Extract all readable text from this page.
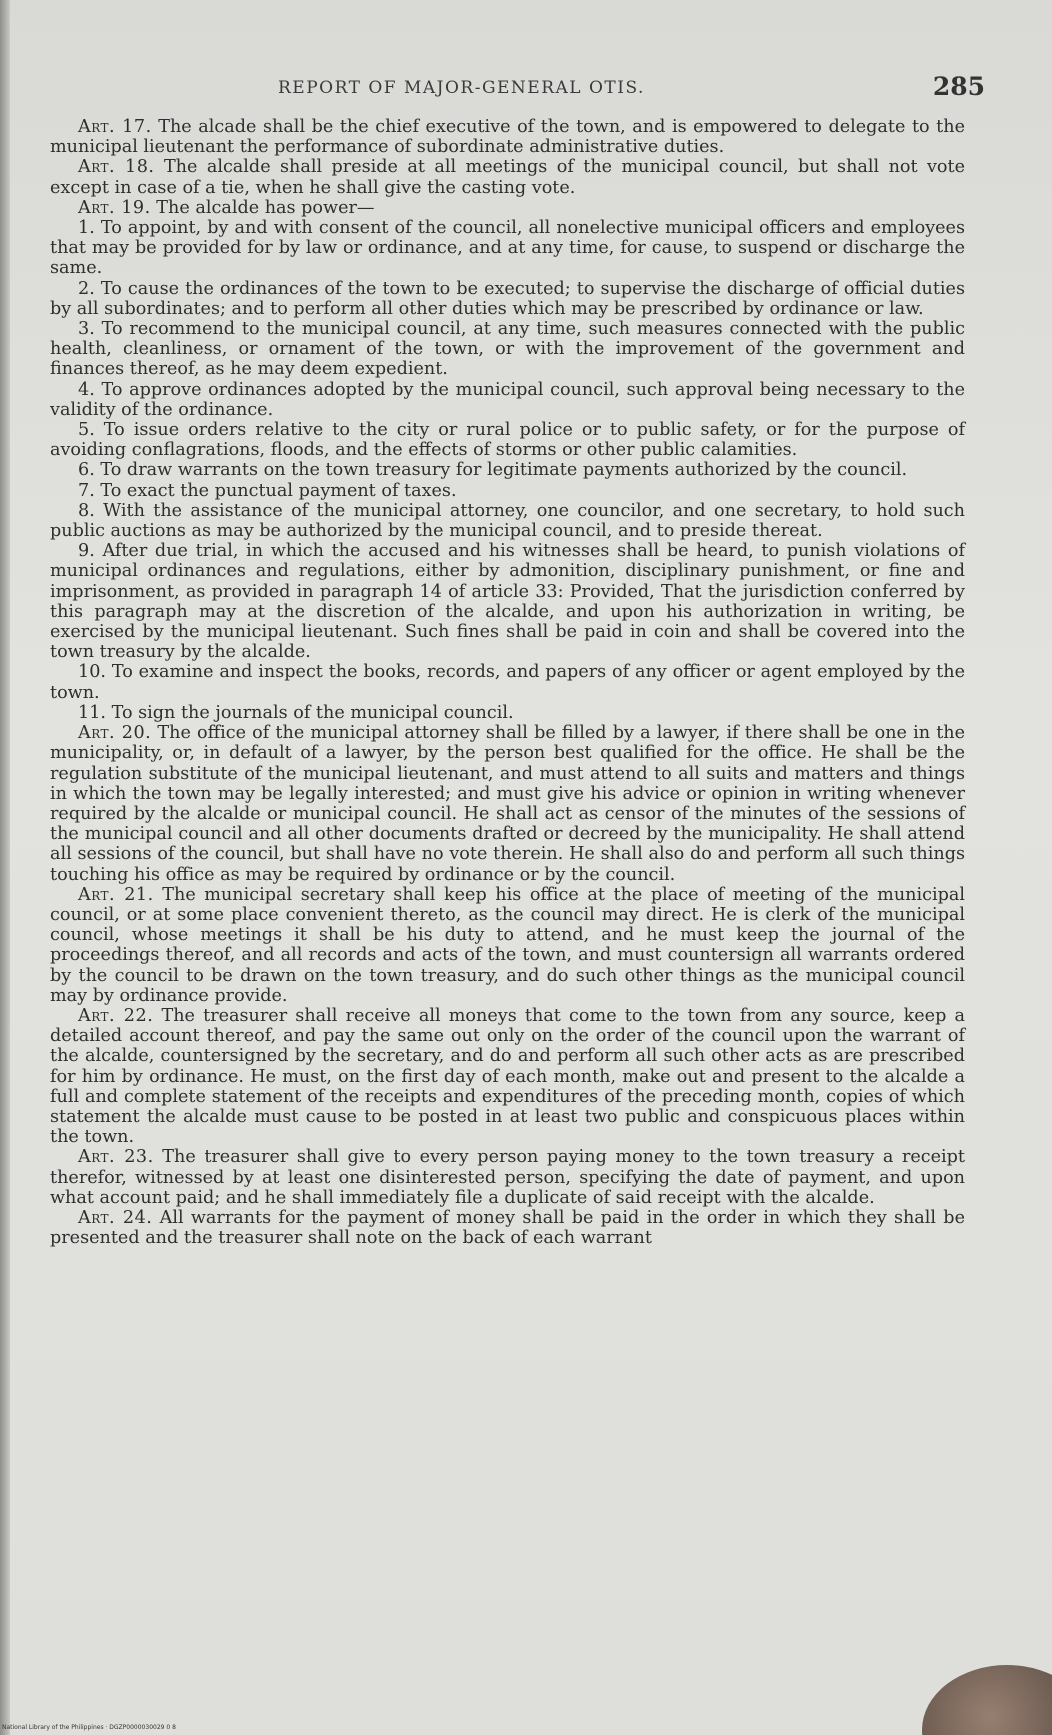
REPORT OF MAJOR-GENERAL OTIS.	285

Art. 17. The alcade shall be the chief executive of the town, and is empowered to delegate to the municipal lieutenant the performance of subordinate administrative duties.

Art. 18. The alcalde shall preside at all meetings of the municipal council, but shall not vote except in case of a tie, when he shall give the casting vote.

Art. 19. The alcalde has power—

1. To appoint, by and with consent of the council, all nonelective municipal officers and employees that may be provided for by law or ordinance, and at any time, for cause, to suspend or discharge the same.

2. To cause the ordinances of the town to be executed; to supervise the discharge of official duties by all subordinates; and to perform all other duties which may be prescribed by ordinance or law.

3. To recommend to the municipal council, at any time, such measures connected with the public health, cleanliness, or ornament of the town, or with the improvement of the government and finances thereof, as he may deem expedient.

4. To approve ordinances adopted by the municipal council, such approval being necessary to the validity of the ordinance.

5. To issue orders relative to the city or rural police or to public safety, or for the purpose of avoiding conflagrations, floods, and the effects of storms or other public calamities.

6. To draw warrants on the town treasury for legitimate payments authorized by the council.

7. To exact the punctual payment of taxes.

8. With the assistance of the municipal attorney, one councilor, and one secretary, to hold such public auctions as may be authorized by the municipal council, and to preside thereat.

9. After due trial, in which the accused and his witnesses shall be heard, to punish violations of municipal ordinances and regulations, either by admonition, disciplinary punishment, or fine and imprisonment, as provided in paragraph 14 of article 33: Provided, That the jurisdiction conferred by this paragraph may at the discretion of the alcalde, and upon his authorization in writing, be exercised by the municipal lieutenant. Such fines shall be paid in coin and shall be covered into the town treasury by the alcalde.

10. To examine and inspect the books, records, and papers of any officer or agent employed by the town.

11. To sign the journals of the municipal council.

Art. 20. The office of the municipal attorney shall be filled by a lawyer, if there shall be one in the municipality, or, in default of a lawyer, by the person best qualified for the office. He shall be the regulation substitute of the municipal lieutenant, and must attend to all suits and matters and things in which the town may be legally interested; and must give his advice or opinion in writing whenever required by the alcalde or municipal council. He shall act as censor of the minutes of the sessions of the municipal council and all other documents drafted or decreed by the municipality. He shall attend all sessions of the council, but shall have no vote therein. He shall also do and perform all such things touching his office as may be required by ordinance or by the council.

Art. 21. The municipal secretary shall keep his office at the place of meeting of the municipal council, or at some place convenient thereto, as the council may direct. He is clerk of the municipal council, whose meetings it shall be his duty to attend, and he must keep the journal of the proceedings thereof, and all records and acts of the town, and must countersign all warrants ordered by the council to be drawn on the town treasury, and do such other things as the municipal council may by ordinance provide.

Art. 22. The treasurer shall receive all moneys that come to the town from any source, keep a detailed account thereof, and pay the same out only on the order of the council upon the warrant of the alcalde, countersigned by the secretary, and do and perform all such other acts as are prescribed for him by ordinance. He must, on the first day of each month, make out and present to the alcalde a full and complete statement of the receipts and expenditures of the preceding month, copies of which statement the alcalde must cause to be posted in at least two public and conspicuous places within the town.

Art. 23. The treasurer shall give to every person paying money to the town treasury a receipt therefor, witnessed by at least one disinterested person, specifying the date of payment, and upon what account paid; and he shall immediately file a duplicate of said receipt with the alcalde.

Art. 24. All warrants for the payment of money shall be paid in the order in which they shall be presented and the treasurer shall note on the back of each warrant

National Library of the Philippines · DGZP0000030029 0 8
